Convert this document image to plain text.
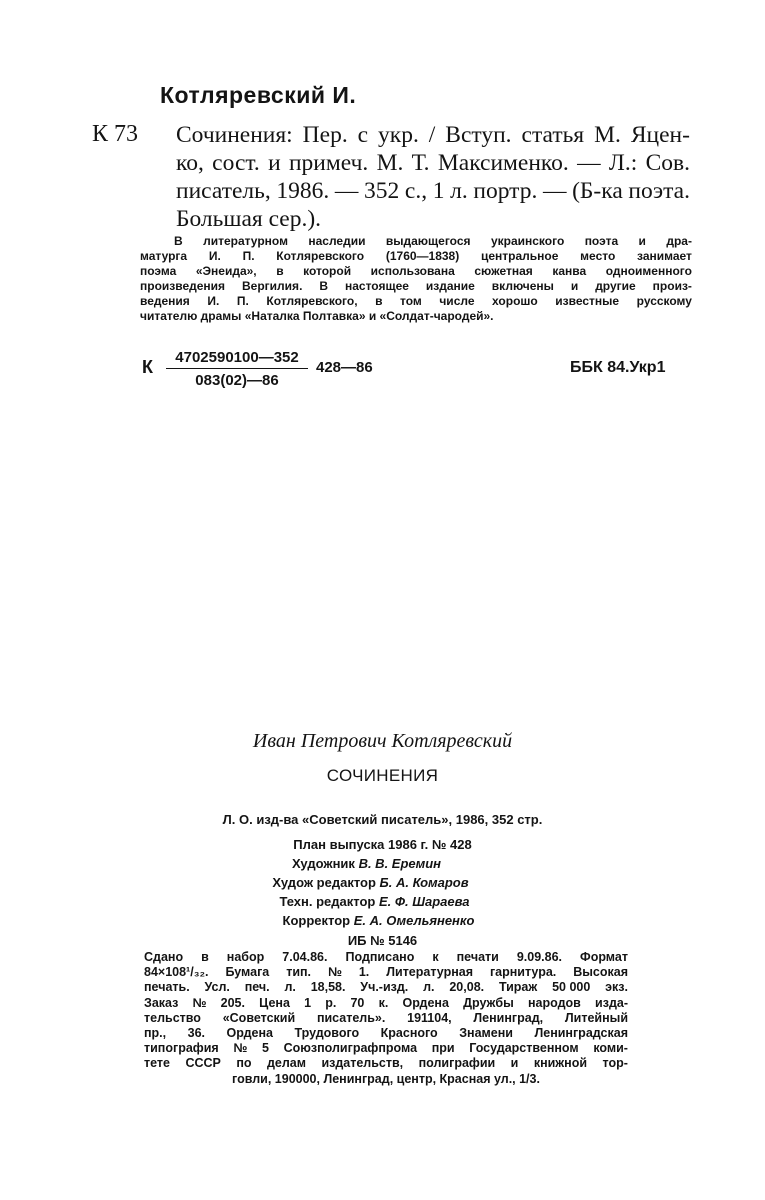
Котляревский И.
К 73 Сочинения: Пер. с укр. / Вступ. статья М. Яцен-
ко, сост. и примеч. М. Т. Максименко. — Л.: Сов.
писатель, 1986. — 352 с., 1 л. портр. — (Б-ка поэта.
Большая сер.).
В литературном наследии выдающегося украинского поэта и дра-
матурга И. П. Котляревского (1760—1838) центральное место занимает
поэма «Энеида», в которой использована сюжетная канва одноименного
произведения Вергилия. В настоящее издание включены и другие произ-
ведения И. П. Котляревского, в том числе хорошо известные русскому
читателю драмы «Наталка Полтавка» и «Солдат-чародей».
К	4702590100—352
083(02)—86
428—86	ББК 84.Укр1
Иван Петрович Котляревский
СОЧИНЕНИЯ
Л. О. изд-ва «Советский писатель», 1986, 352 стр.
План выпуска 1986 г. № 428
Художник В. В. Еремин
Худож редактор Б. А. Комаров
Техн. редактор Е. Ф. Шараева
Корректор Е. А. Омельяненко
ИБ № 5146
Сдано в набор 7.04.86. Подписано к печати 9.09.86. Формат
84×108¹/₃₂. Бумага тип. № 1. Литературная гарнитура. Высокая
печать. Усл. печ. л. 18,58. Уч.-изд. л. 20,08. Тираж 50 000 экз.
Заказ № 205. Цена 1 р. 70 к. Ордена Дружбы народов изда-
тельство «Советский писатель». 191104, Ленинград, Литейный
пр., 36. Ордена Трудового Красного Знамени Ленинградская
типография № 5 Союзполиграфпрома при Государственном коми-
тете СССР по делам издательств, полиграфии и книжной тор-
говли, 190000, Ленинград, центр, Красная ул., 1/3.
